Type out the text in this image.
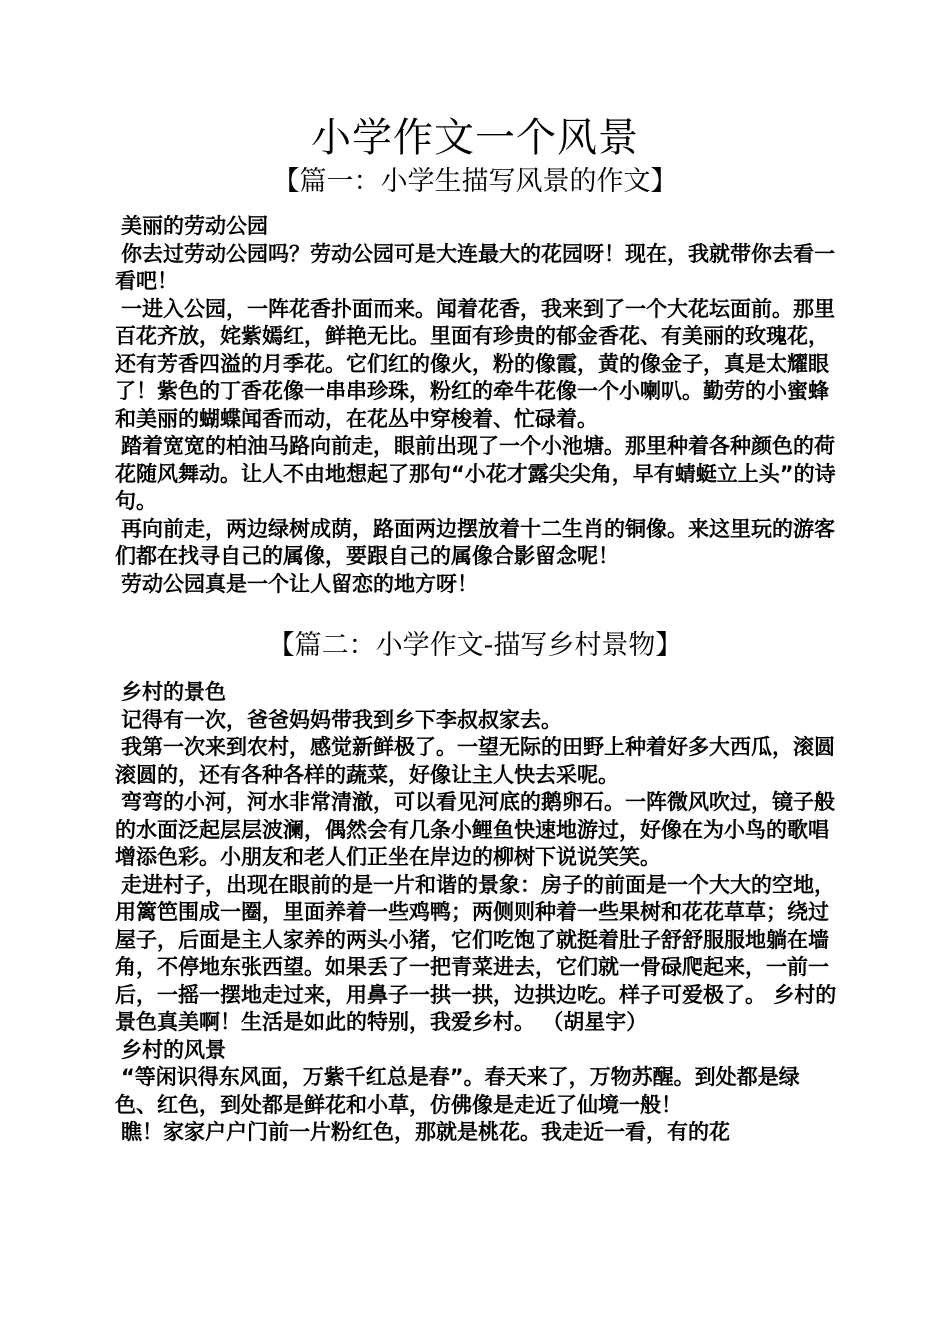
小学作文一个风景
【篇一：小学生描写风景的作文】

美丽的劳动公园

你去过劳动公园吗？劳动公园可是大连最大的花园呀！现在，我就带你去看一看吧！

一进入公园，一阵花香扑面而来。闻着花香，我来到了一个大花坛面前。那里百花齐放，姹紫嫣红，鲜艳无比。里面有珍贵的郁金香花、有美丽的玫瑰花，还有芳香四溢的月季花。它们红的像火，粉的像霞，黄的像金子，真是太耀眼了！紫色的丁香花像一串串珍珠，粉红的牵牛花像一个小喇叭。勤劳的小蜜蜂和美丽的蝴蝶闻香而动，在花丛中穿梭着、忙碌着。

踏着宽宽的柏油马路向前走，眼前出现了一个小池塘。那里种着各种颜色的荷花随风舞动。让人不由地想起了那句“小花才露尖尖角，早有蜻蜓立上头”的诗句。

再向前走，两边绿树成荫，路面两边摆放着十二生肖的铜像。来这里玩的游客们都在找寻自己的属像，要跟自己的属像合影留念呢！

劳动公园真是一个让人留恋的地方呀！

【篇二：小学作文-描写乡村景物】

乡村的景色

记得有一次，爸爸妈妈带我到乡下李叔叔家去。

我第一次来到农村，感觉新鲜极了。一望无际的田野上种着好多大西瓜，滚圆滚圆的，还有各种各样的蔬菜，好像让主人快去采呢。

弯弯的小河，河水非常清澈，可以看见河底的鹅卵石。一阵微风吹过，镜子般的水面泛起层层波澜，偶然会有几条小鲤鱼快速地游过，好像在为小鸟的歌唱增添色彩。小朋友和老人们正坐在岸边的柳树下说说笑笑。

走进村子，出现在眼前的是一片和谐的景象：房子的前面是一个大大的空地，用篱笆围成一圈，里面养着一些鸡鸭；两侧则种着一些果树和花花草草；绕过屋子，后面是主人家养的两头小猪，它们吃饱了就挺着肚子舒舒服服地躺在墙角，不停地东张西望。如果丢了一把青菜进去，它们就一骨碌爬起来，一前一后，一摇一摆地走过来，用鼻子一拱一拱，边拱边吃。样子可爱极了。 乡村的景色真美啊！生活是如此的特别，我爱乡村。 （胡星宇）

乡村的风景

“等闲识得东风面，万紫千红总是春”。春天来了，万物苏醒。到处都是绿色、红色，到处都是鲜花和小草，仿佛像是走近了仙境一般！

瞧！家家户户门前一片粉红色，那就是桃花。我走近一看，有的花
